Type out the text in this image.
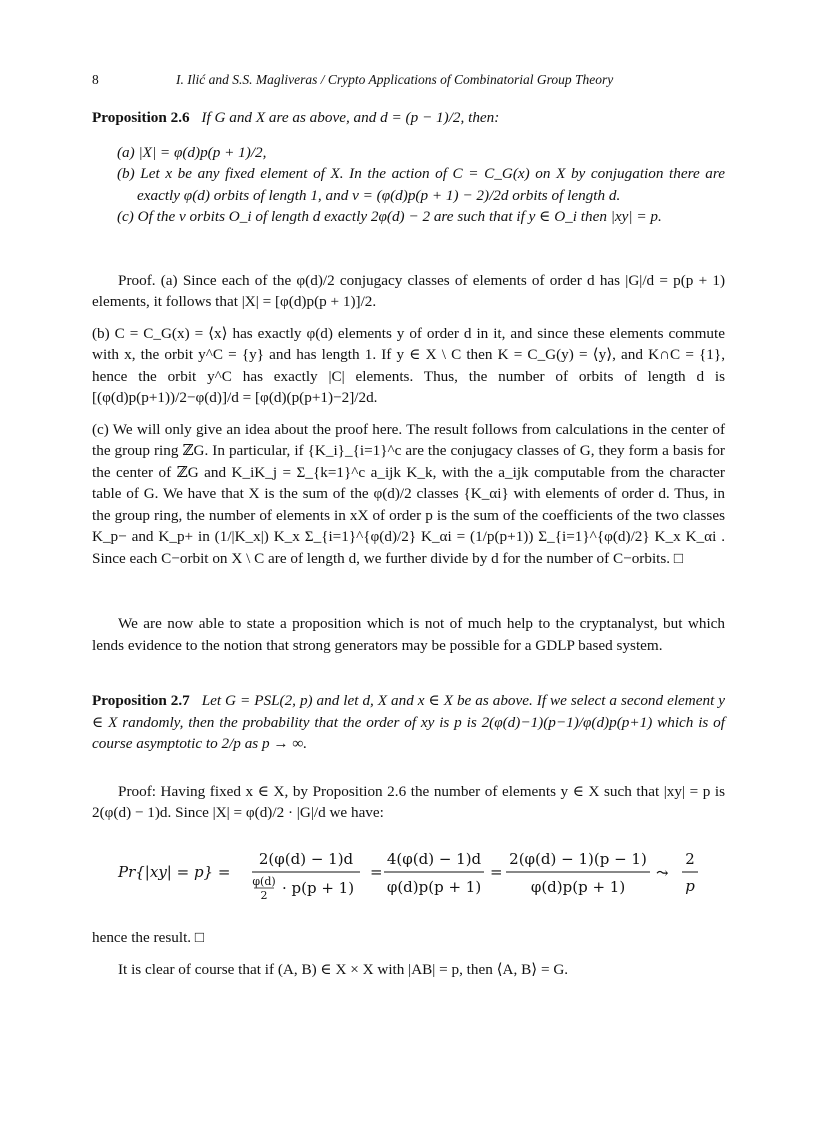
8	I. Ilić and S.S. Magliveras / Crypto Applications of Combinatorial Group Theory

Proposition 2.6 If G and X are as above, and d = (p − 1)/2, then:

(a) |X| = φ(d)p(p + 1)/2,
(b) Let x be any fixed element of X. In the action of C = C_G(x) on X by conjugation there are exactly φ(d) orbits of length 1, and v = (φ(d)p(p + 1) − 2)/2d orbits of length d.
(c) Of the v orbits O_i of length d exactly 2φ(d) − 2 are such that if y ∈ O_i then |xy| = p.

Proof. (a) Since each of the φ(d)/2 conjugacy classes of elements of order d has |G|/d = p(p + 1) elements, it follows that |X| = [φ(d)p(p + 1)]/2.

(b) C = C_G(x) = ⟨x⟩ has exactly φ(d) elements y of order d in it, and since these elements commute with x, the orbit y^C = {y} and has length 1. If y ∈ X \ C then K = C_G(y) = ⟨y⟩, and K∩C = {1}, hence the orbit y^C has exactly |C| elements. Thus, the number of orbits of length d is [(φ(d)p(p+1))/2−φ(d)]/d = [φ(d)(p(p+1)−2]/2d.

(c) We will only give an idea about the proof here. The result follows from calculations in the center of the group ring ℤG. In particular, if {K_i}_{i=1}^c are the conjugacy classes of G, they form a basis for the center of ℤG and K_iK_j = Σ_{k=1}^c a_ijk K_k, with the a_ijk computable from the character table of G. We have that X is the sum of the φ(d)/2 classes {K_αi} with elements of order d. Thus, in the group ring, the number of elements in xX of order p is the sum of the coefficients of the two classes K_p− and K_p+ in (1/|K_x|) K_x Σ_{i=1}^{φ(d)/2} K_αi = (1/p(p+1)) Σ_{i=1}^{φ(d)/2} K_x K_αi . Since each C−orbit on X \ C are of length d, we further divide by d for the number of C−orbits. □

We are now able to state a proposition which is not of much help to the cryptanalyst, but which lends evidence to the notion that strong generators may be possible for a GDLP based system.

Proposition 2.7 Let G = PSL(2, p) and let d, X and x ∈ X be as above. If we select a second element y ∈ X randomly, then the probability that the order of xy is p is 2(φ(d)−1)(p−1)/φ(d)p(p+1) which is of course asymptotic to 2/p as p → ∞.

Proof: Having fixed x ∈ X, by Proposition 2.6 the number of elements y ∈ X such that |xy| = p is 2(φ(d) − 1)d. Since |X| = φ(d)/2 · |G|/d we have:

Pr{|xy| = p} =
2(φ(d) − 1)d
φ(d)
2 · p(p + 1)
=
4(φ(d) − 1)d
φ(d)p(p + 1)
=
2(φ(d) − 1)(p − 1)
φ(d)p(p + 1)
⤳
2
p

hence the result. □

It is clear of course that if (A, B) ∈ X × X with |AB| = p, then ⟨A, B⟩ = G.
